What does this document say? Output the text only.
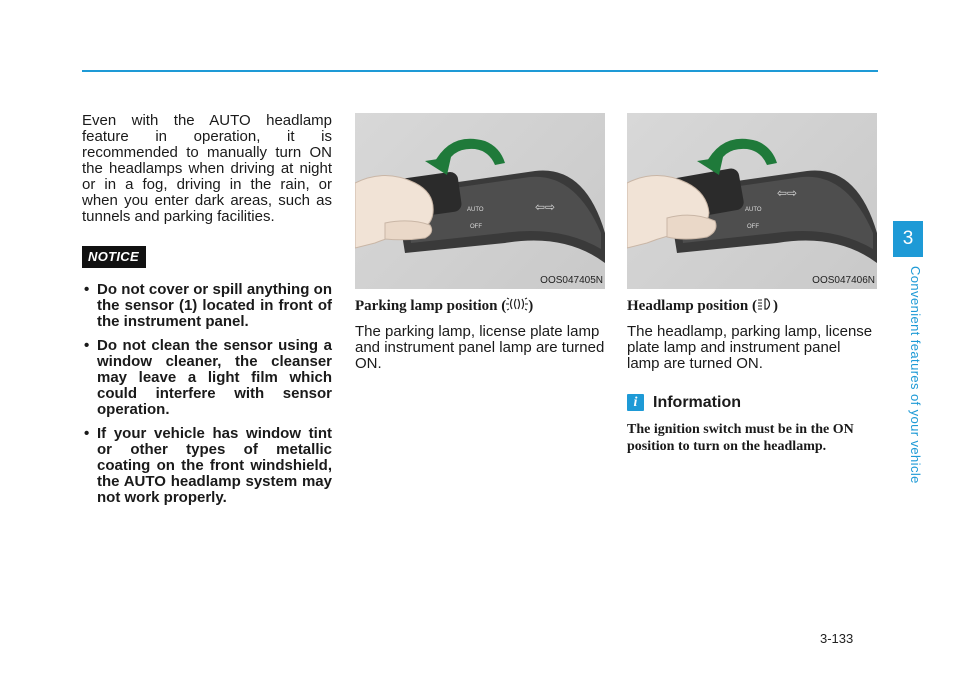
Even with the AUTO headlamp feature in operation, it is recommended to manually turn ON the headlamps when driving at night or in a fog, driving in the rain, or when you enter dark areas, such as tunnels and parking facilities.

NOTICE
• Do not cover or spill anything on the sensor (1) located in front of the instrument panel.
• Do not clean the sensor using a window cleaner, the cleanser may leave a light film which could interfere with sensor operation.
• If your vehicle has window tint or other types of metallic coating on the front windshield, the AUTO headlamp system may not work properly.
AUTO
OFF
⇦⇨
OOS047405N
Parking lamp position ( )

The parking lamp, license plate lamp and instrument panel lamp are turned ON.

AUTO
OFF
⇦⇨
OOS047406N
Headlamp position ( )

The headlamp, parking lamp, license plate lamp and instrument panel lamp are turned ON.

i Information

The ignition switch must be in the ON position to turn on the headlamp.

3-133
3
Convenient features of your vehicle
